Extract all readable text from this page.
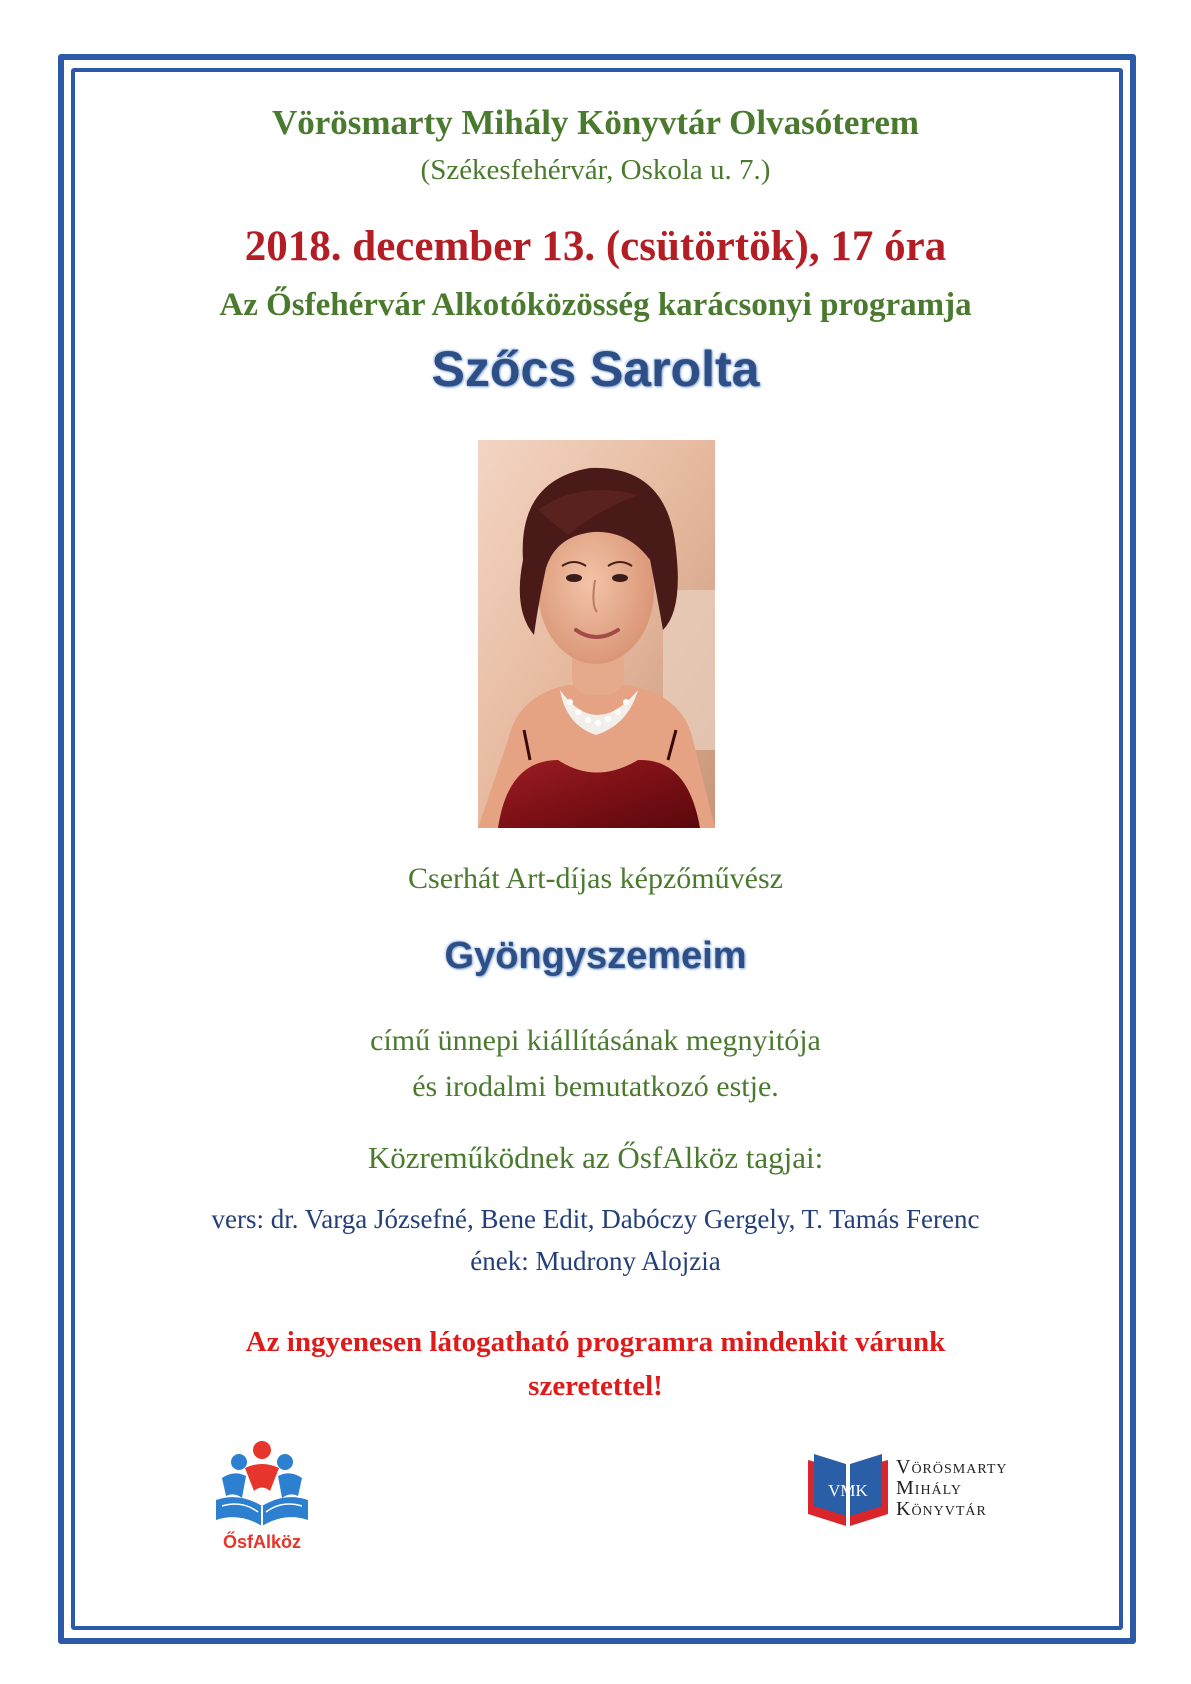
Vörösmarty Mihály Könyvtár Olvasóterem
(Székesfehérvár, Oskola u. 7.)
2018. december 13. (csütörtök), 17 óra
Az Ősfehérvár Alkotóközösség karácsonyi programja
Szőcs Sarolta
Cserhát Art-díjas képzőművész
Gyöngyszemeim
című ünnepi kiállításának megnyitója
és irodalmi bemutatkozó estje.
Közreműködnek az ŐsfAlköz tagjai:
vers: dr. Varga Józsefné, Bene Edit, Dabóczy Gergely, T. Tamás Ferenc
ének: Mudrony Alojzia
Az ingyenesen látogatható programra mindenkit várunk
szeretettel!
ŐsfAlköz
VMK
Vörösmarty
Mihály
Könyvtár
